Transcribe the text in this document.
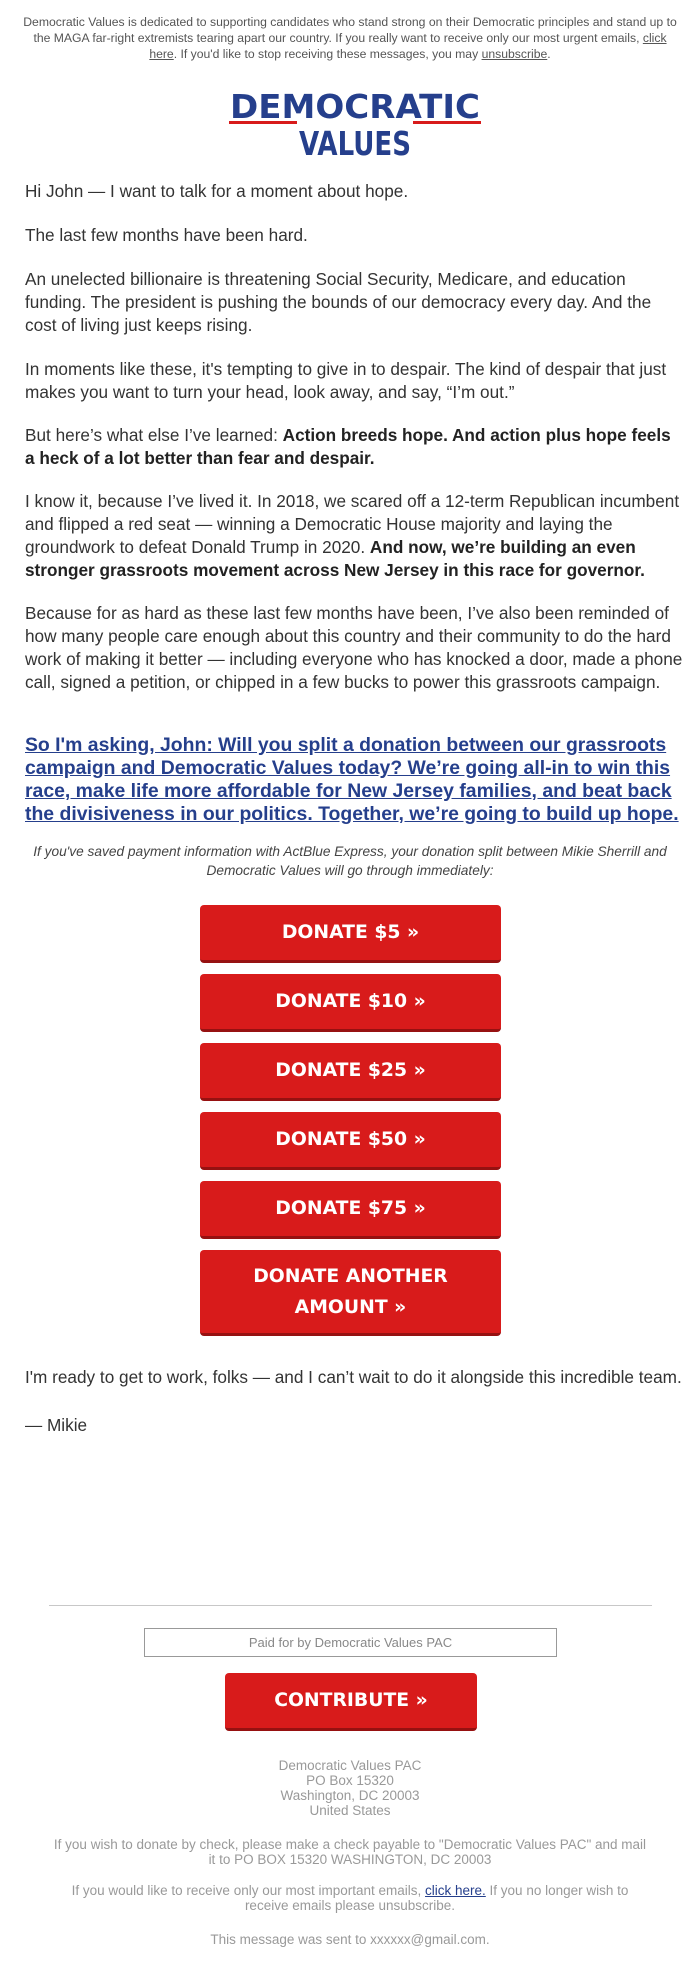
Democratic Values is dedicated to supporting candidates who stand strong on their Democratic principles and stand up to the MAGA far-right extremists tearing apart our country. If you really want to receive only our most urgent emails, click here. If you'd like to stop receiving these messages, you may unsubscribe.
DEMOCRATIC
VALUES

Hi John — I want to talk for a moment about hope.

The last few months have been hard.

An unelected billionaire is threatening Social Security, Medicare, and education funding. The president is pushing the bounds of our democracy every day. And the cost of living just keeps rising.

In moments like these, it's tempting to give in to despair. The kind of despair that just makes you want to turn your head, look away, and say, “I’m out.”

But here’s what else I’ve learned: Action breeds hope. And action plus hope feels a heck of a lot better than fear and despair.

I know it, because I’ve lived it. In 2018, we scared off a 12-term Republican incumbent and flipped a red seat — winning a Democratic House majority and laying the groundwork to defeat Donald Trump in 2020. And now, we’re building an even stronger grassroots movement across New Jersey in this race for governor.

Because for as hard as these last few months have been, I’ve also been reminded of how many people care enough about this country and their community to do the hard work of making it better — including everyone who has knocked a door, made a phone call, signed a petition, or chipped in a few bucks to power this grassroots campaign.

So I'm asking, John: Will you split a donation between our grassroots campaign and Democratic Values today? We’re going all-in to win this race, make life more affordable for New Jersey families, and beat back the divisiveness in our politics. Together, we’re going to build up hope.

If you've saved payment information with ActBlue Express, your donation split between Mikie Sherrill and Democratic Values will go through immediately:

DONATE $5 »
DONATE $10 »
DONATE $25 »
DONATE $50 »
DONATE $75 »
DONATE ANOTHER AMOUNT »

I'm ready to get to work, folks — and I can’t wait to do it alongside this incredible team.

— Mikie

Paid for by Democratic Values PAC
CONTRIBUTE »
Democratic Values PAC
PO Box 15320
Washington, DC 20003
United States

If you wish to donate by check, please make a check payable to "Democratic Values PAC" and mail it to PO BOX 15320 WASHINGTON, DC 20003

If you would like to receive only our most important emails, click here. If you no longer wish to receive emails please unsubscribe.

This message was sent to xxxxxx@gmail.com.
